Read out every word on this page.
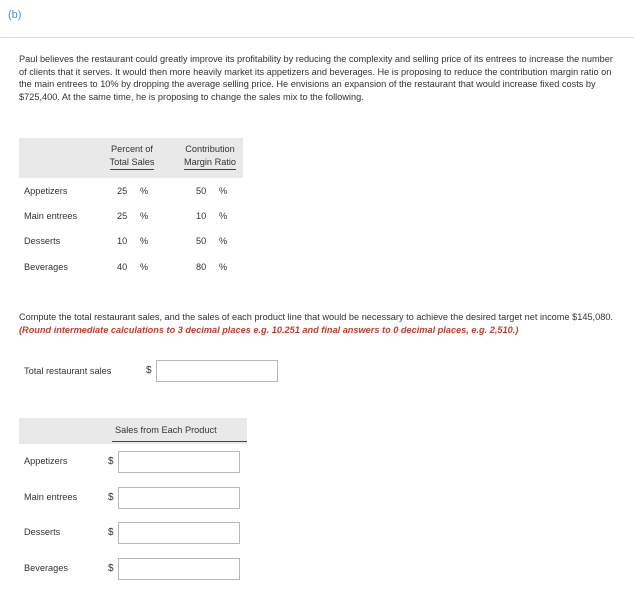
(b)
Paul believes the restaurant could greatly improve its profitability by reducing the complexity and selling price of its entrees to increase the number of clients that it serves. It would then more heavily market its appetizers and beverages. He is proposing to reduce the contribution margin ratio on the main entrees to 10% by dropping the average selling price. He envisions an expansion of the restaurant that would increase fixed costs by $725,400. At the same time, he is proposing to change the sales mix to the following.
Percent of
Total Sales
Contribution
Margin Ratio
Appetizers	25 %	50 %
Main entrees	25 %	10 %
Desserts	10 %	50 %
Beverages	40 %	80 %
Compute the total restaurant sales, and the sales of each product line that would be necessary to achieve the desired target net income $145,080. (Round intermediate calculations to 3 decimal places e.g. 10.251 and final answers to 0 decimal places, e.g. 2,510.)
Total restaurant sales	$
Sales from Each Product
Appetizers	$
Main entrees	$
Desserts	$
Beverages	$
